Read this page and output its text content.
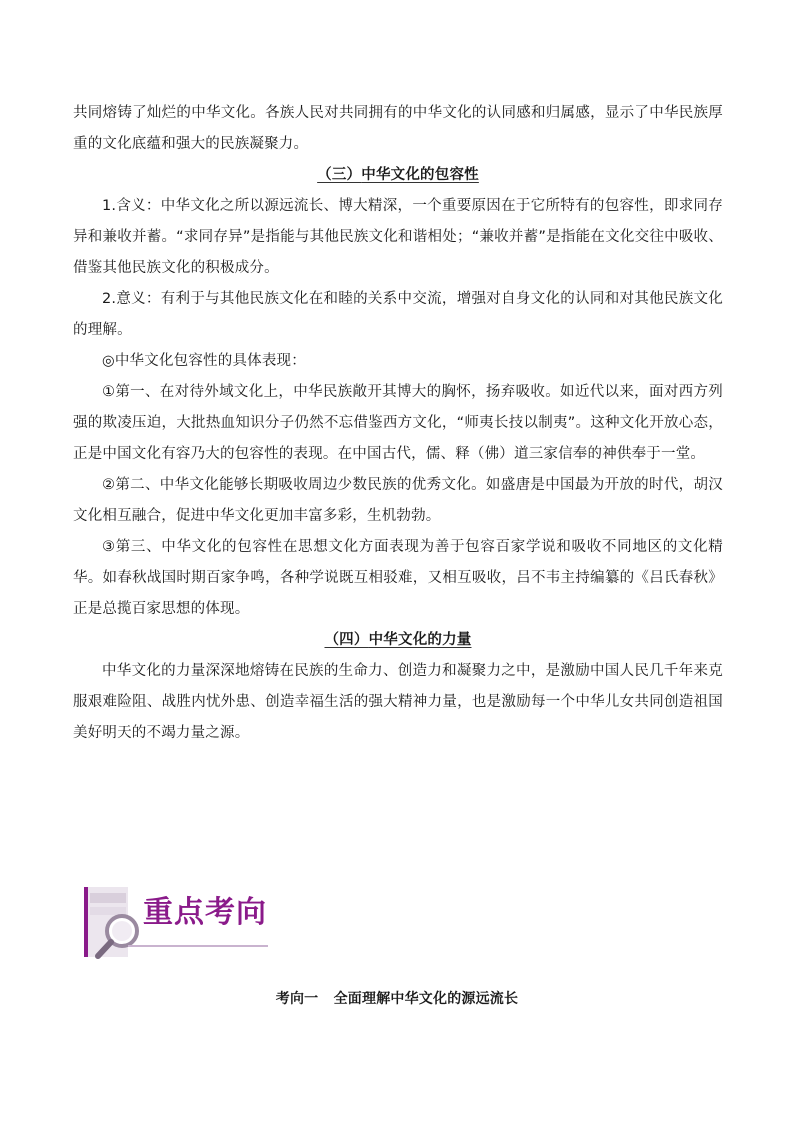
共同熔铸了灿烂的中华文化。各族人民对共同拥有的中华文化的认同感和归属感，显示了中华民族厚重的文化底蕴和强大的民族凝聚力。

（三）中华文化的包容性

1.含义：中华文化之所以源远流长、博大精深，一个重要原因在于它所特有的包容性，即求同存异和兼收并蓄。“求同存异”是指能与其他民族文化和谐相处；“兼收并蓄”是指能在文化交往中吸收、借鉴其他民族文化的积极成分。

2.意义：有利于与其他民族文化在和睦的关系中交流，增强对自身文化的认同和对其他民族文化的理解。

◎中华文化包容性的具体表现：

①第一、在对待外域文化上，中华民族敞开其博大的胸怀，扬弃吸收。如近代以来，面对西方列强的欺凌压迫，大批热血知识分子仍然不忘借鉴西方文化，“师夷长技以制夷”。这种文化开放心态，正是中国文化有容乃大的包容性的表现。在中国古代，儒、释（佛）道三家信奉的神供奉于一堂。

②第二、中华文化能够长期吸收周边少数民族的优秀文化。如盛唐是中国最为开放的时代，胡汉文化相互融合，促进中华文化更加丰富多彩，生机勃勃。

③第三、中华文化的包容性在思想文化方面表现为善于包容百家学说和吸收不同地区的文化精华。如春秋战国时期百家争鸣，各种学说既互相驳难，又相互吸收，吕不韦主持编纂的《吕氏春秋》正是总揽百家思想的体现。

（四）中华文化的力量

中华文化的力量深深地熔铸在民族的生命力、创造力和凝聚力之中，是激励中国人民几千年来克服艰难险阻、战胜内忧外患、创造幸福生活的强大精神力量，也是激励每一个中华儿女共同创造祖国美好明天的不竭力量之源。

重点考向
考向一 全面理解中华文化的源远流长
